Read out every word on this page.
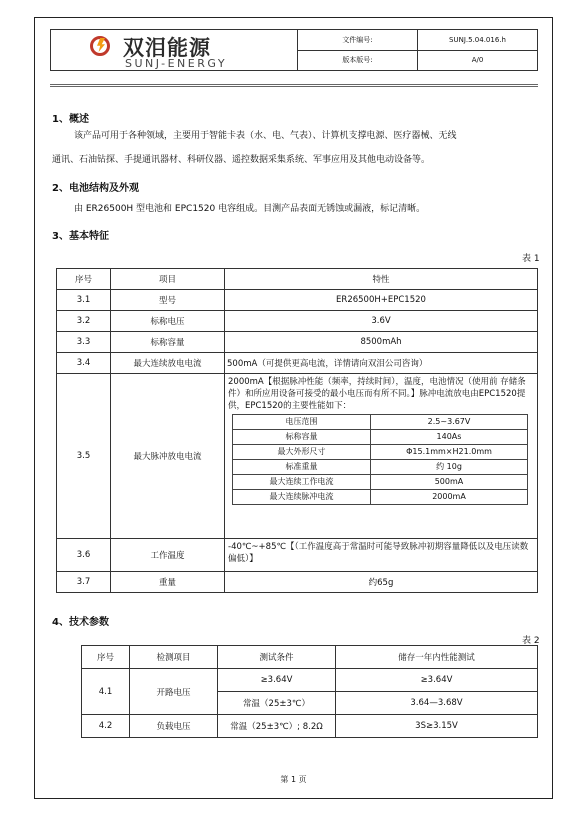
双泪能源
SUNJ-ENERGY
文件编号:	SUNJ.5.04.016.h
版本版号:	A/0
1、概述
该产品可用于各种领域，主要用于智能卡表（水、电、气表）、计算机支撑电源、医疗器械、无线
通讯、石油钻探、手提通讯器材、科研仪器、遥控数据采集系统、军事应用及其他电动设备等。
2、电池结构及外观
由 ER26500H 型电池和 EPC1520 电容组成。目测产品表面无锈蚀或漏液，标记清晰。
3、基本特征
表 1
序号	项目	特性
3.1	型号	ER26500H+EPC1520
3.2	标称电压	3.6V
3.3	标称容量	8500mAh
3.4	最大连续放电电流	500mA（可提供更高电流，详情请向双泪公司咨询）
3.5	最大脉冲放电电流	
2000mA【根据脉冲性能（频率，持续时间），温度，电池情况（使用前 存储条件）和所应用设备可接受的最小电压而有所不同。】脉冲电流放电由EPC1520提供，EPC1520的主要性能如下：
电压范围	2.5~3.67V
标称容量	140As
最大外形尺寸	Φ15.1mm×H21.0mm
标准重量	约 10g
最大连续工作电流	500mA
最大连续脉冲电流	2000mA

3.6	工作温度	-40℃~+85℃【（工作温度高于常温时可能导致脉冲初期容量降低以及电压读数偏低）】
3.7	重量	约65g
4、技术参数
表 2
序号	检测项目	测试条件	储存一年内性能测试
4.1	开路电压	≥3.64V	≥3.64V
		常温（25±3℃）	3.64—3.68V
4.2	负载电压	常温（25±3℃）; 8.2Ω	3S≥3.15V
第 1 页
